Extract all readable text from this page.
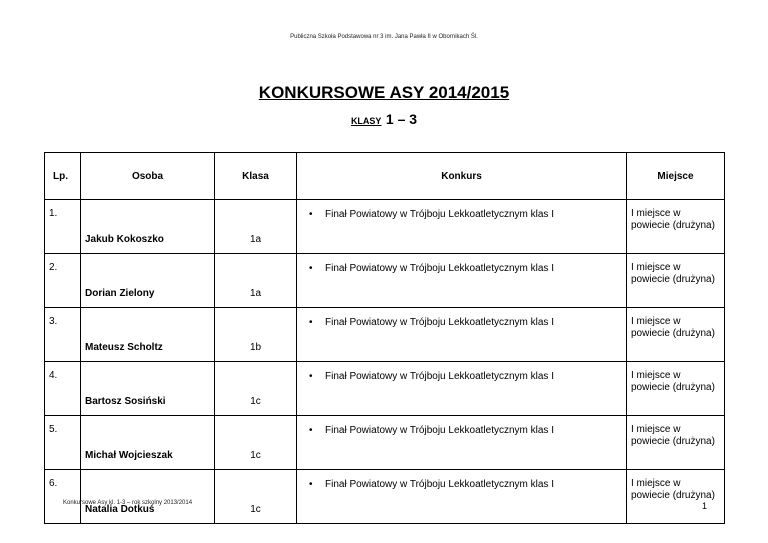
Publiczna Szkoła Podstawowa nr 3 im. Jana Pawła II w Obornikach Śl.
KONKURSOWE ASY 2014/2015
KLASY 1 – 3
Lp.	Osoba	Klasa	Konkurs	Miejsce
1.	Jakub Kokoszko	1a	• Finał Powiatowy w Trójboju Lekkoatletycznym klas I	I miejsce w powiecie (drużyna)
2.	Dorian Zielony	1a	• Finał Powiatowy w Trójboju Lekkoatletycznym klas I	I miejsce w powiecie (drużyna)
3.	Mateusz Scholtz	1b	• Finał Powiatowy w Trójboju Lekkoatletycznym klas I	I miejsce w powiecie (drużyna)
4.	Bartosz Sosiński	1c	• Finał Powiatowy w Trójboju Lekkoatletycznym klas I	I miejsce w powiecie (drużyna)
5.	Michał Wojcieszak	1c	• Finał Powiatowy w Trójboju Lekkoatletycznym klas I	I miejsce w powiecie (drużyna)
6.	Natalia Dotkuś	1c	• Finał Powiatowy w Trójboju Lekkoatletycznym klas I	I miejsce w powiecie (drużyna)
Konkursowe Asy kl. 1-3 – rok szkolny 2013/2014	1
